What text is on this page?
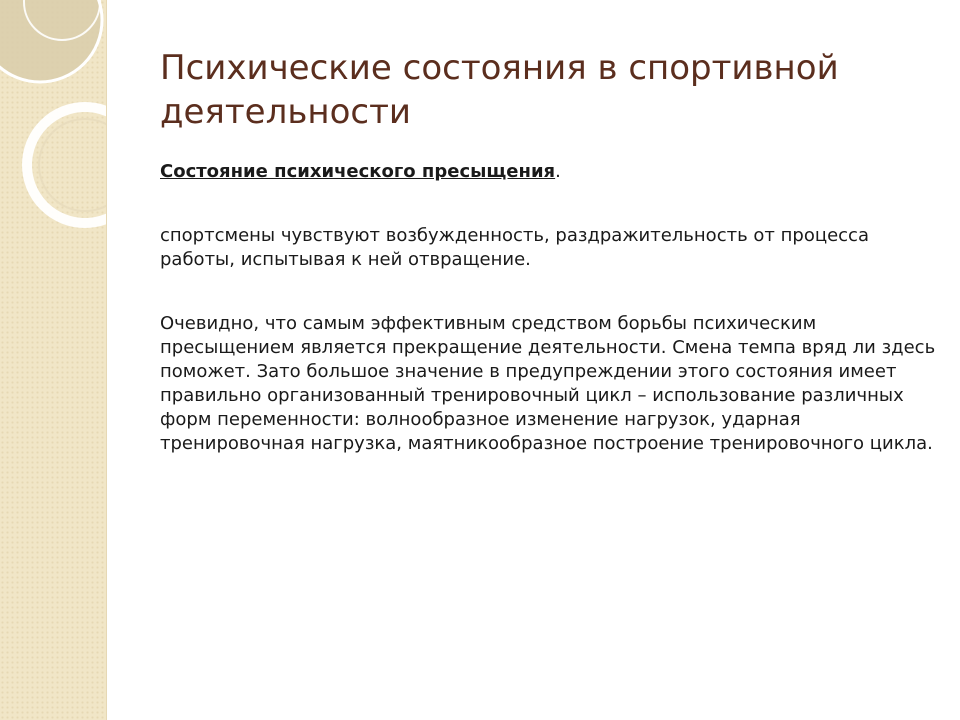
Психические состояния в спортивной деятельности

Состояние психического пресыщения.

спортсмены чувствуют возбужденность, раздражительность от процесса работы, испытывая к ней отвращение.

Очевидно, что самым эффективным средством борьбы психическим пресыщением является прекращение деятельности. Смена темпа вряд ли здесь поможет. Зато большое значение в предупреждении этого состояния имеет правильно организованный тренировочный цикл – использование различных форм переменности: волнообразное изменение нагрузок, ударная тренировочная нагрузка, маятникообразное построение тренировочного цикла.
